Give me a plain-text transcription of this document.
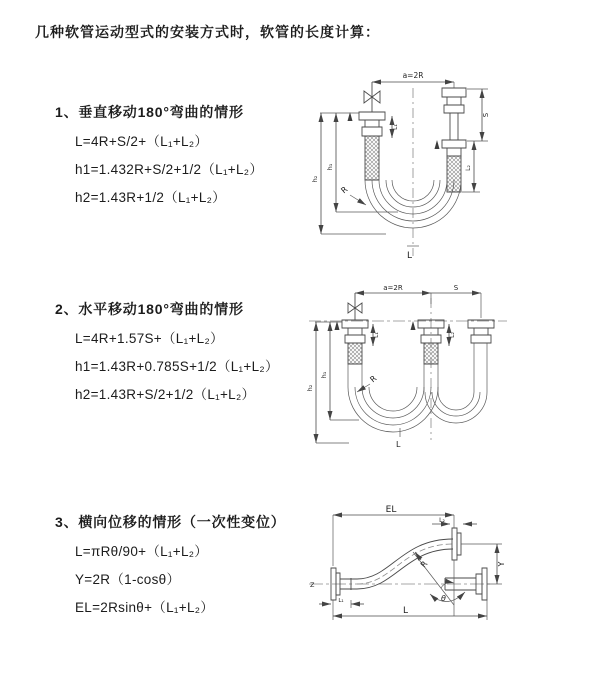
几种软管运动型式的安装方式时，软管的长度计算：
1、垂直移动180°弯曲的情形
L=4R+S/2+（L₁+L₂）
h1=1.432R+S/2+1/2（L₁+L₂）
h2=1.43R+1/2（L₁+L₂）
a=2R
h₁
h₂
S
L₂
L₁
R
L
2、水平移动180°弯曲的情形
L=4R+1.57S+（L₁+L₂）
h1=1.43R+0.785S+1/2（L₁+L₂）
h2=1.43R+S/2+1/2（L₁+L₂）
a=2R	S
L₁	L₂
h₁
h₂
R
L
3、横向位移的情形（一次性变位）
L=πRθ/90+（L₁+L₂）
Y=2R（1-cosθ）
EL=2Rsinθ+（L₁+L₂）
Z
EL
L₂
Y
θ
R
L₁
L
